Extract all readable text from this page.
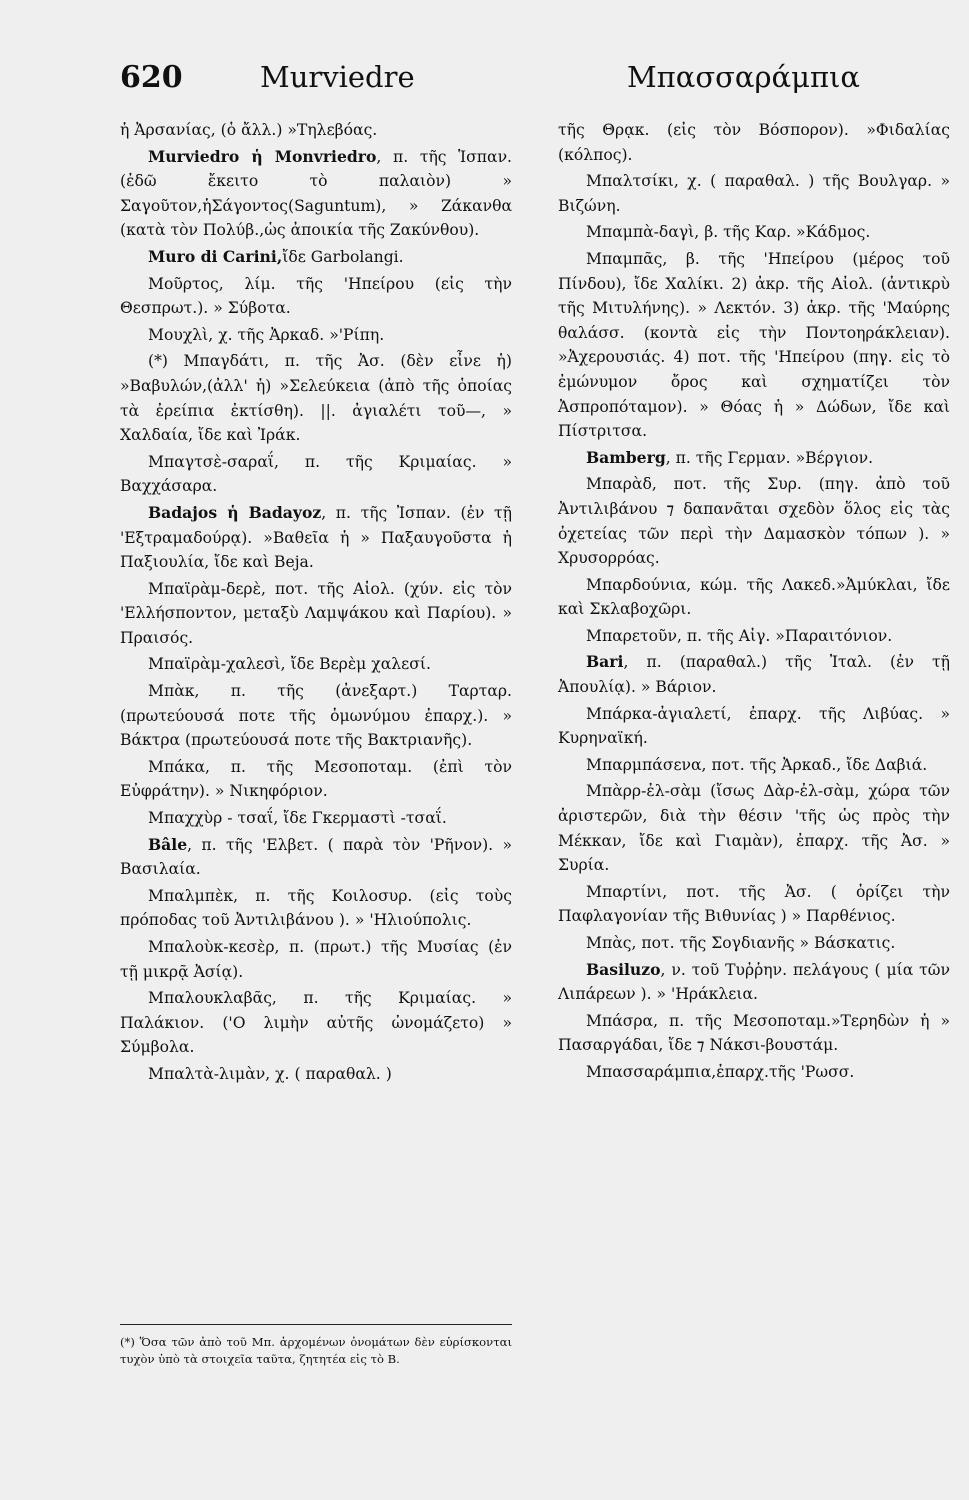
620	Murviedre	Μπασσαράμπια

ἡ Ἀρσανίας, (ὁ ἄλλ.) »Τηλεβόας.

Murviedro ἡ Monvriedro, π. τῆς Ἱσπαν. (ἐδῶ ἔκειτο τὸ παλαιὸν) » Σαγοῦτον,ἡΣάγοντος(Saguntum), » Ζάκανθα (κατὰ τὸν Πολύβ.,ὡς ἀποικία τῆς Ζακύνθου).

Muro di Carini,ἴδε Garbolangi.

Μοῦρτος, λίμ. τῆς 'Ηπείρου (εἰς τὴν Θεσπρωτ.). » Σύβοτα.

Μουχλὶ, χ. τῆς Ἀρκαδ. »'Ρίπη.

(*) Μπαγδάτι, π. τῆς Ἀσ. (δὲν εἶνε ἡ) »Βαβυλών,(ἀλλ' ἡ) »Σελεύκεια (ἀπὸ τῆς ὁποίας τὰ ἐρείπια ἐκτίσθη). ||. ἀγιαλέτι τοῦ—, » Χαλδαία, ἴδε καὶ Ἰράκ.

Μπαγτσὲ-σαραΐ, π. τῆς Κριμαίας. » Βαχχάσαρα.

Badajos ἡ Badayoz, π. τῆς Ἰσπαν. (ἐν τῇ 'Εξτραμαδούρᾳ). »Βαθεῖα ἡ » Παξαυγοῦστα ἡ Παξιουλία, ἴδε καὶ Beja.

Μπαϊρὰμ-δερὲ, ποτ. τῆς Αἰολ. (χύν. εἰς τὸν 'Ελλήσποντον, μεταξὺ Λαμψάκου καὶ Παρίου). » Πραισός.

Μπαϊρὰμ-χαλεσὶ, ἴδε Βερὲμ χαλεσί.

Μπὰκ, π. τῆς (ἀνεξαρτ.) Ταρταρ. (πρωτεύουσά ποτε τῆς ὁμωνύμου ἐπαρχ.). » Βάκτρα (πρωτεύουσά ποτε τῆς Βακτριανῆς).

Μπάκα, π. τῆς Μεσοποταμ. (ἐπὶ τὸν Εὐφράτην). » Νικηφόριον.

Μπαχχὺρ - τσαΐ, ἴδε Γκερμαστὶ -τσαΐ.

Bâle, π. τῆς 'Ελβετ. ( παρὰ τὸν 'Ρῆνον). » Βασιλαία.

Μπαλμπὲκ, π. τῆς Κοιλοσυρ. (εἰς τοὺς πρόποδας τοῦ Ἀντιλιβάνου ). » 'Ηλιούπολις.

Μπαλοὺκ-κεσὲρ, π. (πρωτ.) τῆς Μυσίας (ἐν τῇ μικρᾷ Ἀσίᾳ).

Μπαλουκλαβᾶς, π. τῆς Κριμαίας. » Παλάκιον. ('Ο λιμὴν αὐτῆς ὠνομάζετο) » Σύμβολα.

Μπαλτὰ-λιμὰν, χ. ( παραθαλ. )

τῆς Θρᾳκ. (εἰς τὸν Βόσπορον). »Φιδαλίας (κόλπος).

Μπαλτσίκι, χ. ( παραθαλ. ) τῆς Βουλγαρ. » Βιζώνη.

Μπαμπὰ-δαγὶ, β. τῆς Καρ. »Κάδμος.

Μπαμπᾶς, β. τῆς 'Ηπείρου (μέρος τοῦ Πίνδου), ἴδε Χαλίκι. 2) ἀκρ. τῆς Αἰολ. (ἀντικρὺ τῆς Μιτυλήνης). » Λεκτόν. 3) ἀκρ. τῆς 'Μαύρης θαλάσσ. (κοντὰ εἰς τὴν Ποντοηράκλειαν). »Ἀχερουσιάς. 4) ποτ. τῆς 'Ηπείρου (πηγ. εἰς τὸ ἐμώνυμον ὄρος καὶ σχηματίζει τὸν Ἀσπροπόταμον). » Θόας ἡ » Δώδων, ἴδε καὶ Πίστριτσα.

Bamberg, π. τῆς Γερμαν. »Βέργιον.

Μπαρὰδ, ποτ. τῆς Συρ. (πηγ. ἀπὸ τοῦ Ἀντιλιβάνου ⁊ δαπανᾶται σχεδὸν ὅλος εἰς τὰς ὀχετείας τῶν περὶ τὴν Δαμασκὸν τόπων ). » Χρυσορρόας.

Μπαρδούνια, κώμ. τῆς Λακεδ.»Ἀμύκλαι, ἴδε καὶ Σκλαβοχῶρι.

Μπαρετοῦν, π. τῆς Αἰγ. »Παραιτόνιον.

Bari, π. (παραθαλ.) τῆς Ἰταλ. (ἐν τῇ Ἀπουλίᾳ). » Βάριον.

Μπάρκα-ἀγιαλετί, ἐπαρχ. τῆς Λιβύας. » Κυρηναϊκή.

Μπαρμπάσενα, ποτ. τῆς Ἀρκαδ., ἴδε Δαβιά.

Μπὰρρ-ἐλ-σὰμ (ἴσως Δὰρ-ἐλ-σὰμ, χώρα τῶν ἀριστερῶν, διὰ τὴν θέσιν 'τῆς ὡς πρὸς τὴν Μέκκαν, ἴδε καὶ Γιαμὰν), ἐπαρχ. τῆς Ἀσ. » Συρία.

Μπαρτίνι, ποτ. τῆς Ἀσ. ( ὁρίζει τὴν Παφλαγονίαν τῆς Βιθυνίας ) » Παρθένιος.

Μπὰς, ποτ. τῆς Σογδιανῆς » Βάσκατις.

Basiluzo, ν. τοῦ Τυῤῥην. πελάγους ( μία τῶν Λιπάρεων ). » 'Ηράκλεια.

Μπάσρα, π. τῆς Μεσοποταμ.»Τερηδὼν ἡ » Πασαργάδαι, ἴδε ⁊ Νάκσι-βουστάμ.

Μπασσαράμπια,ἐπαρχ.τῆς 'Ρωσσ.

(*) Ὅσα τῶν ἀπὸ τοῦ Μπ. ἀρχομένων ὀνομάτων δὲν εὑρίσκονται τυχὸν ὑπὸ τὰ στοιχεῖα ταῦτα, ζητητέα εἰς τὸ Β.
